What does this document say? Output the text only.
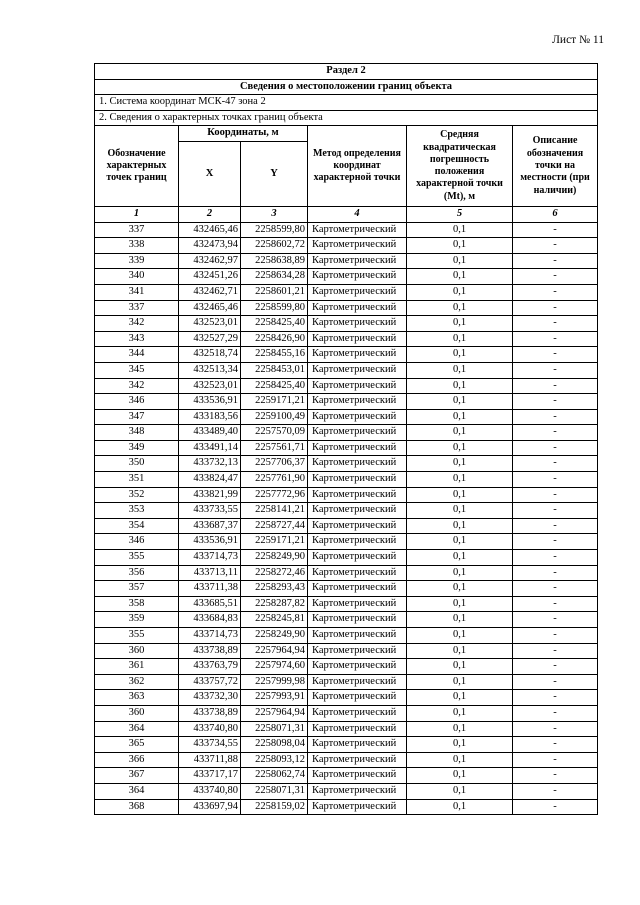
Лист № 11
Раздел 2					
Сведения о местоположении границ объекта					
1. Система координат МСК-47 зона 2					
2. Сведения о характерных точках границ объекта					
Обозначение характерных точек границ	Координаты, м		Метод определения координат характерной точки	Средняя квадратическая погрешность положения характерной точки (Mt), м	Описание обозначения точки на местности (при наличии)
	X	Y			
1	2	3	4	5	6
337	432465,46	2258599,80	Картометрический	0,1	-
338	432473,94	2258602,72	Картометрический	0,1	-
339	432462,97	2258638,89	Картометрический	0,1	-
340	432451,26	2258634,28	Картометрический	0,1	-
341	432462,71	2258601,21	Картометрический	0,1	-
337	432465,46	2258599,80	Картометрический	0,1	-
342	432523,01	2258425,40	Картометрический	0,1	-
343	432527,29	2258426,90	Картометрический	0,1	-
344	432518,74	2258455,16	Картометрический	0,1	-
345	432513,34	2258453,01	Картометрический	0,1	-
342	432523,01	2258425,40	Картометрический	0,1	-
346	433536,91	2259171,21	Картометрический	0,1	-
347	433183,56	2259100,49	Картометрический	0,1	-
348	433489,40	2257570,09	Картометрический	0,1	-
349	433491,14	2257561,71	Картометрический	0,1	-
350	433732,13	2257706,37	Картометрический	0,1	-
351	433824,47	2257761,90	Картометрический	0,1	-
352	433821,99	2257772,96	Картометрический	0,1	-
353	433733,55	2258141,21	Картометрический	0,1	-
354	433687,37	2258727,44	Картометрический	0,1	-
346	433536,91	2259171,21	Картометрический	0,1	-
355	433714,73	2258249,90	Картометрический	0,1	-
356	433713,11	2258272,46	Картометрический	0,1	-
357	433711,38	2258293,43	Картометрический	0,1	-
358	433685,51	2258287,82	Картометрический	0,1	-
359	433684,83	2258245,81	Картометрический	0,1	-
355	433714,73	2258249,90	Картометрический	0,1	-
360	433738,89	2257964,94	Картометрический	0,1	-
361	433763,79	2257974,60	Картометрический	0,1	-
362	433757,72	2257999,98	Картометрический	0,1	-
363	433732,30	2257993,91	Картометрический	0,1	-
360	433738,89	2257964,94	Картометрический	0,1	-
364	433740,80	2258071,31	Картометрический	0,1	-
365	433734,55	2258098,04	Картометрический	0,1	-
366	433711,88	2258093,12	Картометрический	0,1	-
367	433717,17	2258062,74	Картометрический	0,1	-
364	433740,80	2258071,31	Картометрический	0,1	-
368	433697,94	2258159,02	Картометрический	0,1	-
